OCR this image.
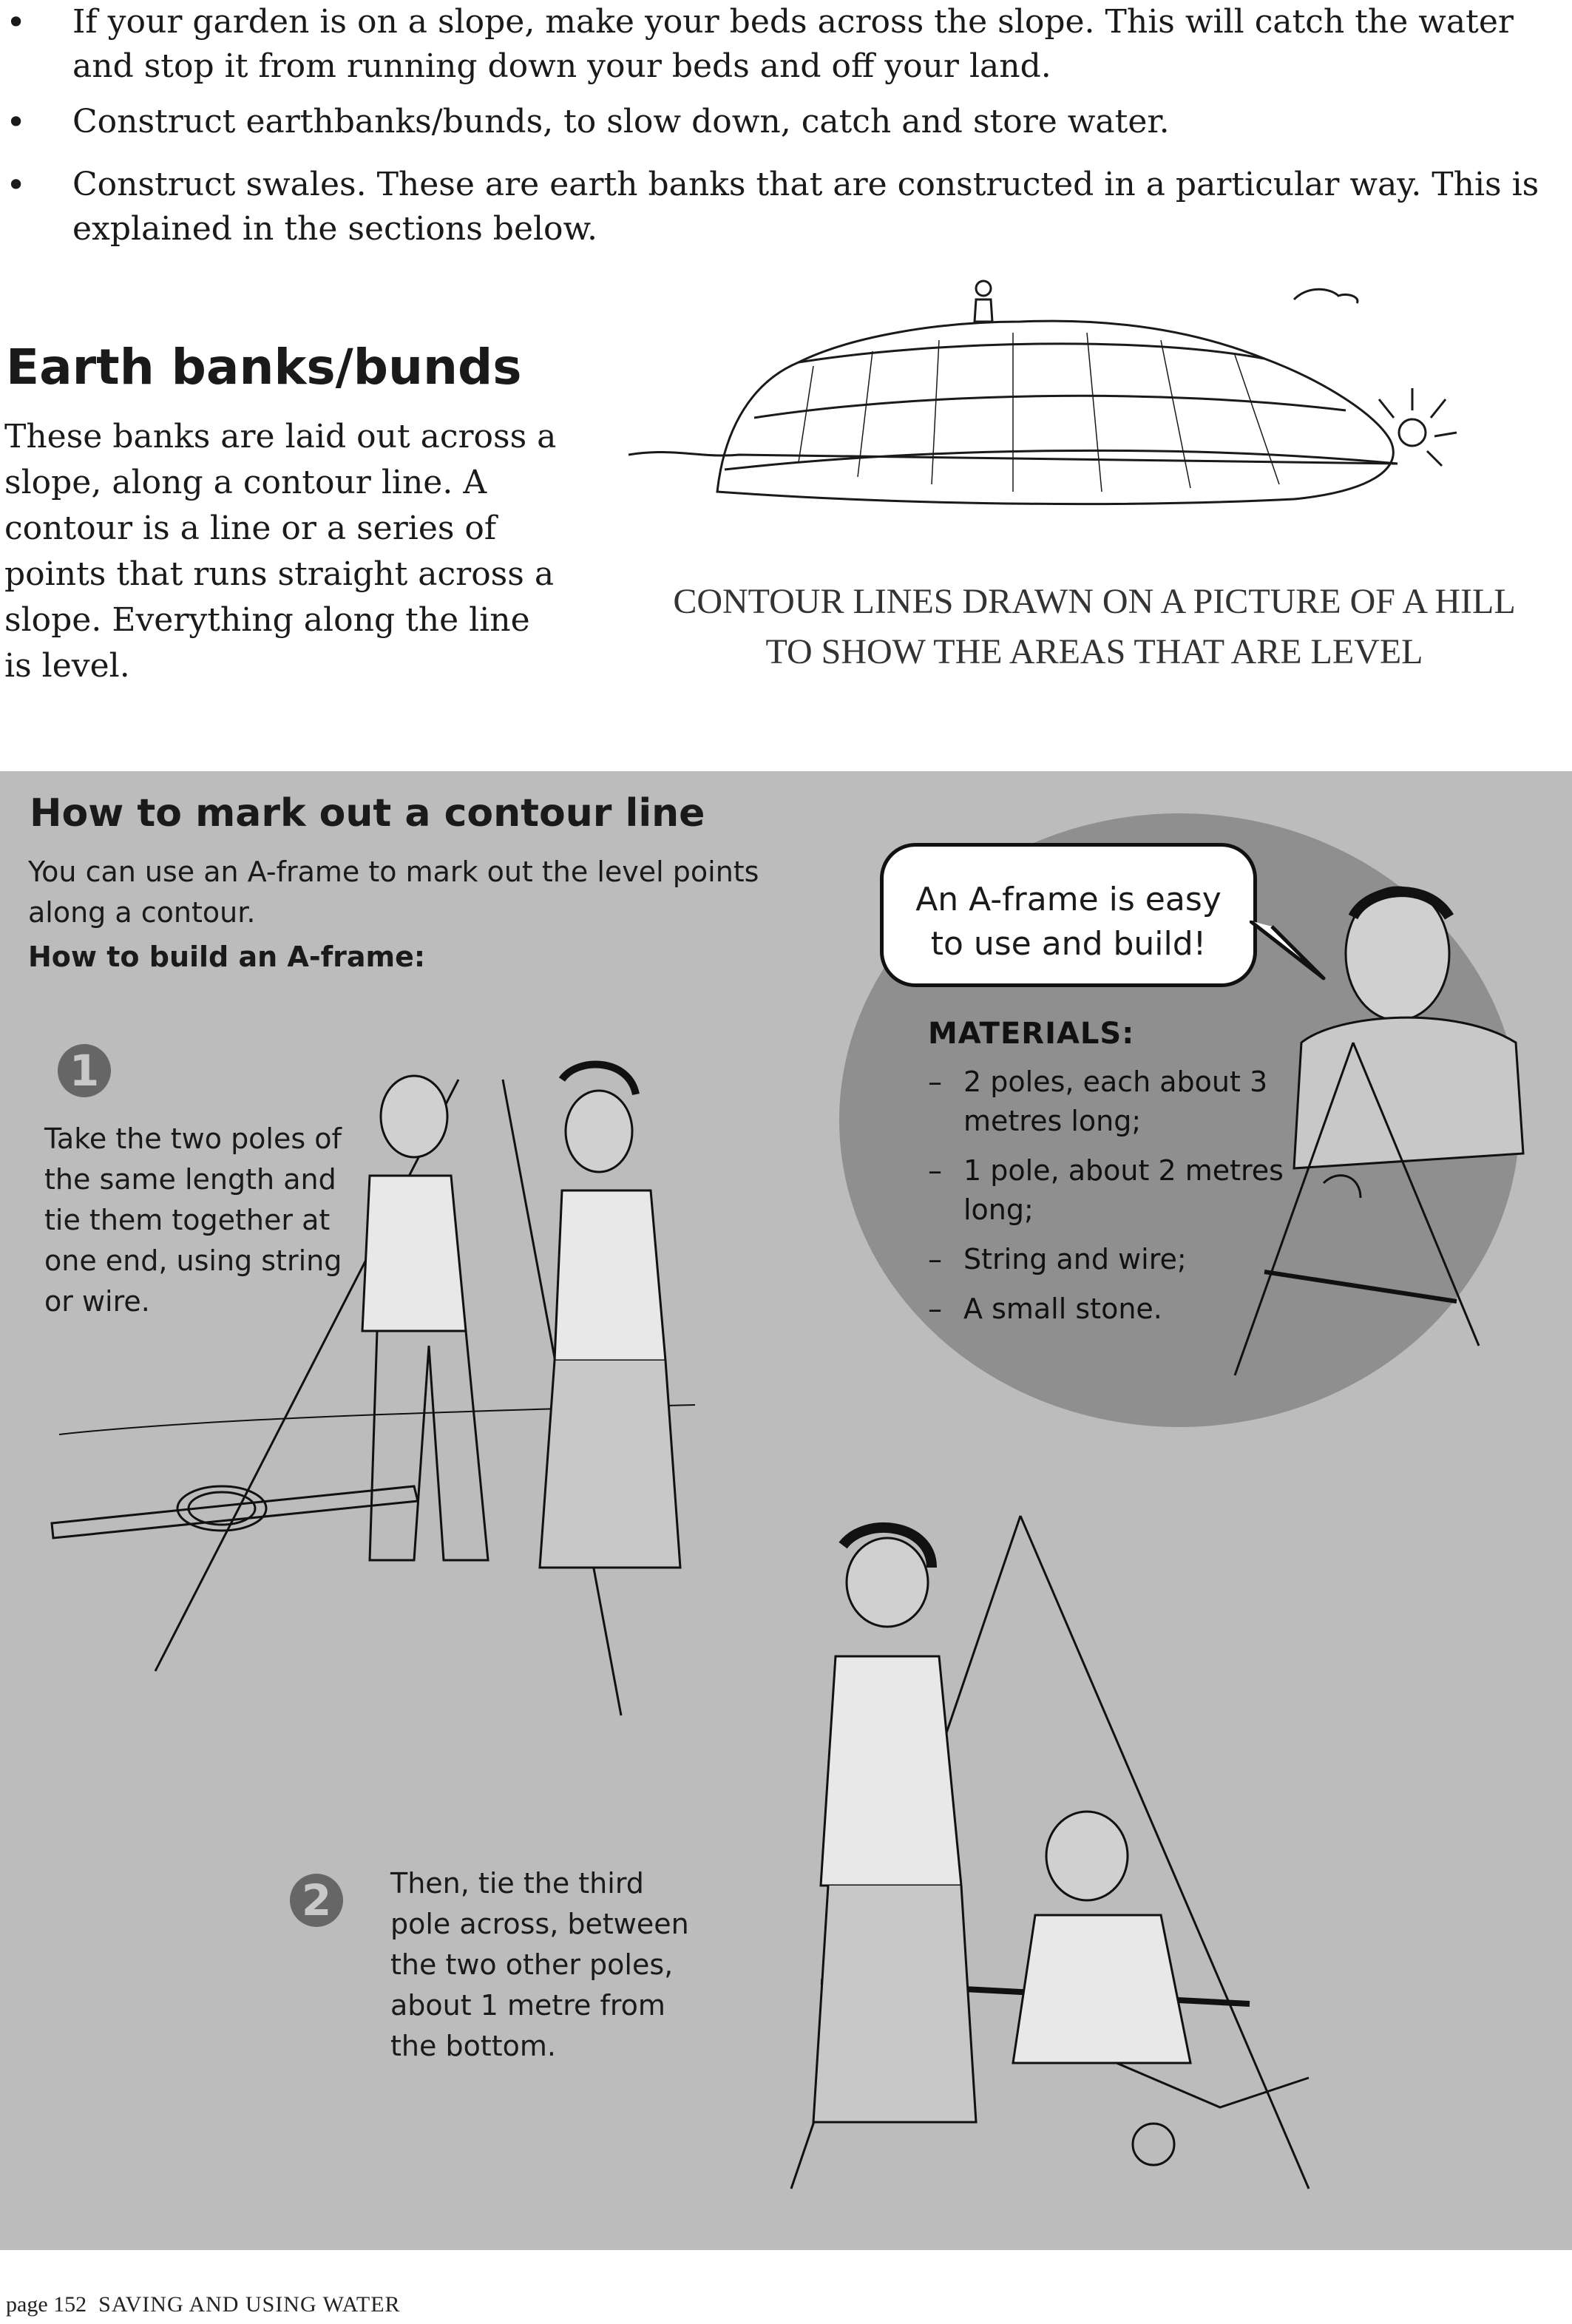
• If your garden is on a slope, make your beds across the slope. This will catch the water and stop it from running down your beds and off your land.
• Construct earthbanks/bunds, to slow down, catch and store water.
• Construct swales. These are earth banks that are constructed in a particular way. This is explained in the sections below.
Earth banks/bunds

These banks are laid out across a slope, along a contour line. A contour is a line or a series of points that runs straight across a slope. Everything along the line is level.

CONTOUR LINES DRAWN ON A PICTURE OF A HILL
TO SHOW THE AREAS THAT ARE LEVEL
How to mark out a contour line

You can use an A-frame to mark out the level points along a contour.

How to build an A-frame:
An A-frame is easy
to use and build!
MATERIALS:
– 2 poles, each about 3 metres long;
– 1 pole, about 2 metres long;
– String and wire;
– A small stone.
1

Take the two poles of the same length and tie them together at one end, using string or wire.

2	Then, tie the third pole across, between the two other poles, about 1 metre from the bottom.

page 152 SAVING AND USING WATER
